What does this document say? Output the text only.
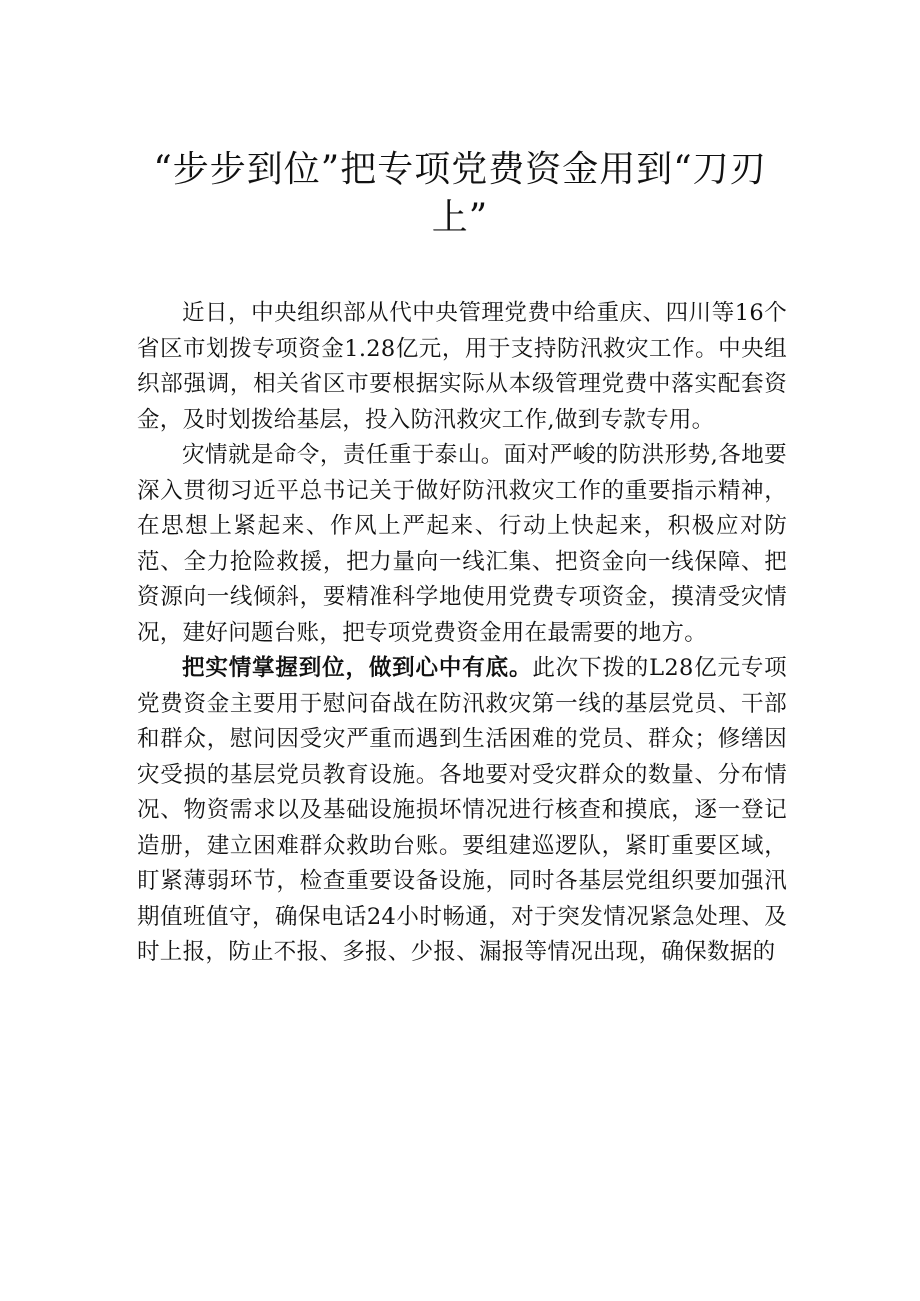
“步步到位”把专项党费资金用到“刀刃上”

近日，中央组织部从代中央管理党费中给重庆、四川等16个省区市划拨专项资金1.28亿元，用于支持防汛救灾工作。中央组织部强调，相关省区市要根据实际从本级管理党费中落实配套资金，及时划拨给基层，投入防汛救灾工作,做到专款专用。

灾情就是命令，责任重于泰山。面对严峻的防洪形势,各地要深入贯彻习近平总书记关于做好防汛救灾工作的重要指示精神，在思想上紧起来、作风上严起来、行动上快起来，积极应对防范、全力抢险救援，把力量向一线汇集、把资金向一线保障、把资源向一线倾斜，要精准科学地使用党费专项资金，摸清受灾情况，建好问题台账，把专项党费资金用在最需要的地方。

把实情掌握到位，做到心中有底。此次下拨的L28亿元专项党费资金主要用于慰问奋战在防汛救灾第一线的基层党员、干部和群众，慰问因受灾严重而遇到生活困难的党员、群众；修缮因灾受损的基层党员教育设施。各地要对受灾群众的数量、分布情况、物资需求以及基础设施损坏情况进行核查和摸底，逐一登记造册，建立困难群众救助台账。要组建巡逻队，紧盯重要区域，盯紧薄弱环节，检查重要设备设施，同时各基层党组织要加强汛期值班值守，确保电话24小时畅通，对于突发情况紧急处理、及时上报，防止不报、多报、少报、漏报等情况出现，确保数据的
